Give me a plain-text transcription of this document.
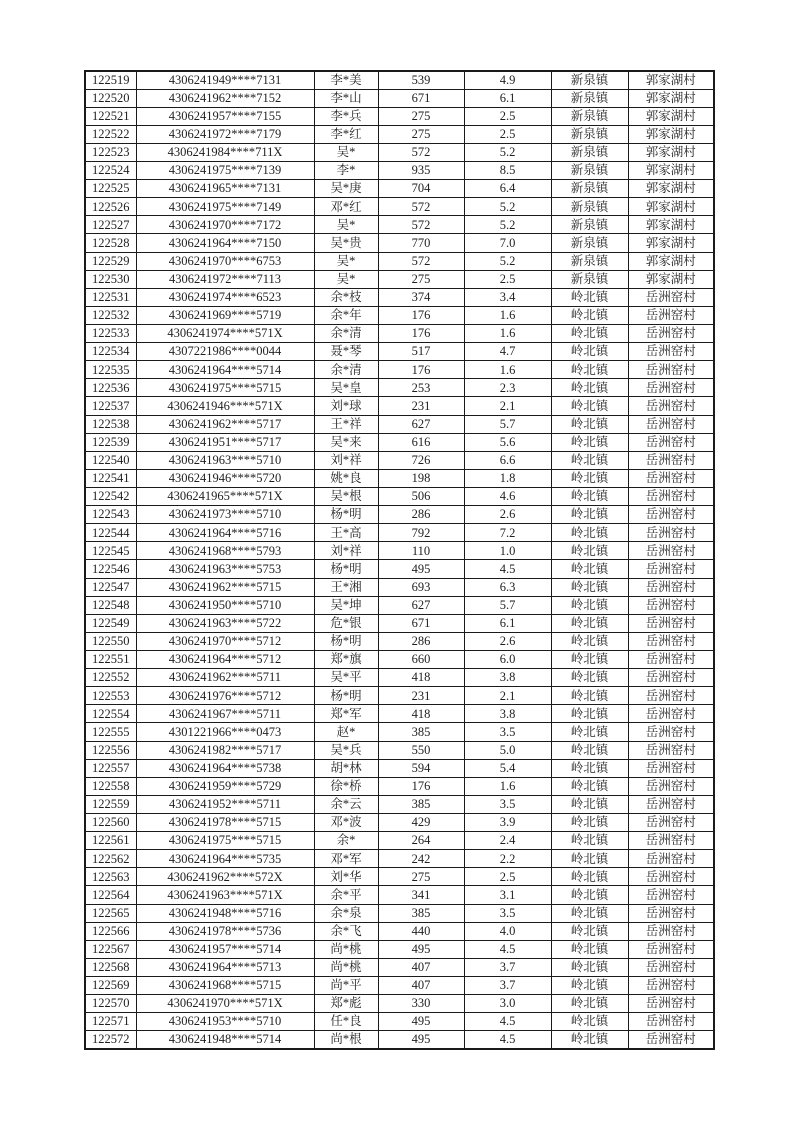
122519	4306241949****7131	李*美	539	4.9	新泉镇	郭家湖村
122520	4306241962****7152	李*山	671	6.1	新泉镇	郭家湖村
122521	4306241957****7155	李*兵	275	2.5	新泉镇	郭家湖村
122522	4306241972****7179	李*红	275	2.5	新泉镇	郭家湖村
122523	4306241984****711X	吴*	572	5.2	新泉镇	郭家湖村
122524	4306241975****7139	李*	935	8.5	新泉镇	郭家湖村
122525	4306241965****7131	吴*庚	704	6.4	新泉镇	郭家湖村
122526	4306241975****7149	邓*红	572	5.2	新泉镇	郭家湖村
122527	4306241970****7172	吴*	572	5.2	新泉镇	郭家湖村
122528	4306241964****7150	吴*贵	770	7.0	新泉镇	郭家湖村
122529	4306241970****6753	吴*	572	5.2	新泉镇	郭家湖村
122530	4306241972****7113	吴*	275	2.5	新泉镇	郭家湖村
122531	4306241974****6523	余*枝	374	3.4	岭北镇	岳洲窑村
122532	4306241969****5719	余*年	176	1.6	岭北镇	岳洲窑村
122533	4306241974****571X	余*清	176	1.6	岭北镇	岳洲窑村
122534	4307221986****0044	聂*琴	517	4.7	岭北镇	岳洲窑村
122535	4306241964****5714	余*清	176	1.6	岭北镇	岳洲窑村
122536	4306241975****5715	吴*皇	253	2.3	岭北镇	岳洲窑村
122537	4306241946****571X	刘*球	231	2.1	岭北镇	岳洲窑村
122538	4306241962****5717	王*祥	627	5.7	岭北镇	岳洲窑村
122539	4306241951****5717	吴*来	616	5.6	岭北镇	岳洲窑村
122540	4306241963****5710	刘*祥	726	6.6	岭北镇	岳洲窑村
122541	4306241946****5720	姚*良	198	1.8	岭北镇	岳洲窑村
122542	4306241965****571X	吴*根	506	4.6	岭北镇	岳洲窑村
122543	4306241973****5710	杨*明	286	2.6	岭北镇	岳洲窑村
122544	4306241964****5716	王*高	792	7.2	岭北镇	岳洲窑村
122545	4306241968****5793	刘*祥	110	1.0	岭北镇	岳洲窑村
122546	4306241963****5753	杨*明	495	4.5	岭北镇	岳洲窑村
122547	4306241962****5715	王*湘	693	6.3	岭北镇	岳洲窑村
122548	4306241950****5710	吴*坤	627	5.7	岭北镇	岳洲窑村
122549	4306241963****5722	危*银	671	6.1	岭北镇	岳洲窑村
122550	4306241970****5712	杨*明	286	2.6	岭北镇	岳洲窑村
122551	4306241964****5712	郑*旗	660	6.0	岭北镇	岳洲窑村
122552	4306241962****5711	吴*平	418	3.8	岭北镇	岳洲窑村
122553	4306241976****5712	杨*明	231	2.1	岭北镇	岳洲窑村
122554	4306241967****5711	郑*军	418	3.8	岭北镇	岳洲窑村
122555	4301221966****0473	赵*	385	3.5	岭北镇	岳洲窑村
122556	4306241982****5717	吴*兵	550	5.0	岭北镇	岳洲窑村
122557	4306241964****5738	胡*林	594	5.4	岭北镇	岳洲窑村
122558	4306241959****5729	徐*桥	176	1.6	岭北镇	岳洲窑村
122559	4306241952****5711	余*云	385	3.5	岭北镇	岳洲窑村
122560	4306241978****5715	邓*波	429	3.9	岭北镇	岳洲窑村
122561	4306241975****5715	余*	264	2.4	岭北镇	岳洲窑村
122562	4306241964****5735	邓*军	242	2.2	岭北镇	岳洲窑村
122563	4306241962****572X	刘*华	275	2.5	岭北镇	岳洲窑村
122564	4306241963****571X	余*平	341	3.1	岭北镇	岳洲窑村
122565	4306241948****5716	余*泉	385	3.5	岭北镇	岳洲窑村
122566	4306241978****5736	余*飞	440	4.0	岭北镇	岳洲窑村
122567	4306241957****5714	尚*桃	495	4.5	岭北镇	岳洲窑村
122568	4306241964****5713	尚*桃	407	3.7	岭北镇	岳洲窑村
122569	4306241968****5715	尚*平	407	3.7	岭北镇	岳洲窑村
122570	4306241970****571X	郑*彪	330	3.0	岭北镇	岳洲窑村
122571	4306241953****5710	任*良	495	4.5	岭北镇	岳洲窑村
122572	4306241948****5714	尚*根	495	4.5	岭北镇	岳洲窑村
